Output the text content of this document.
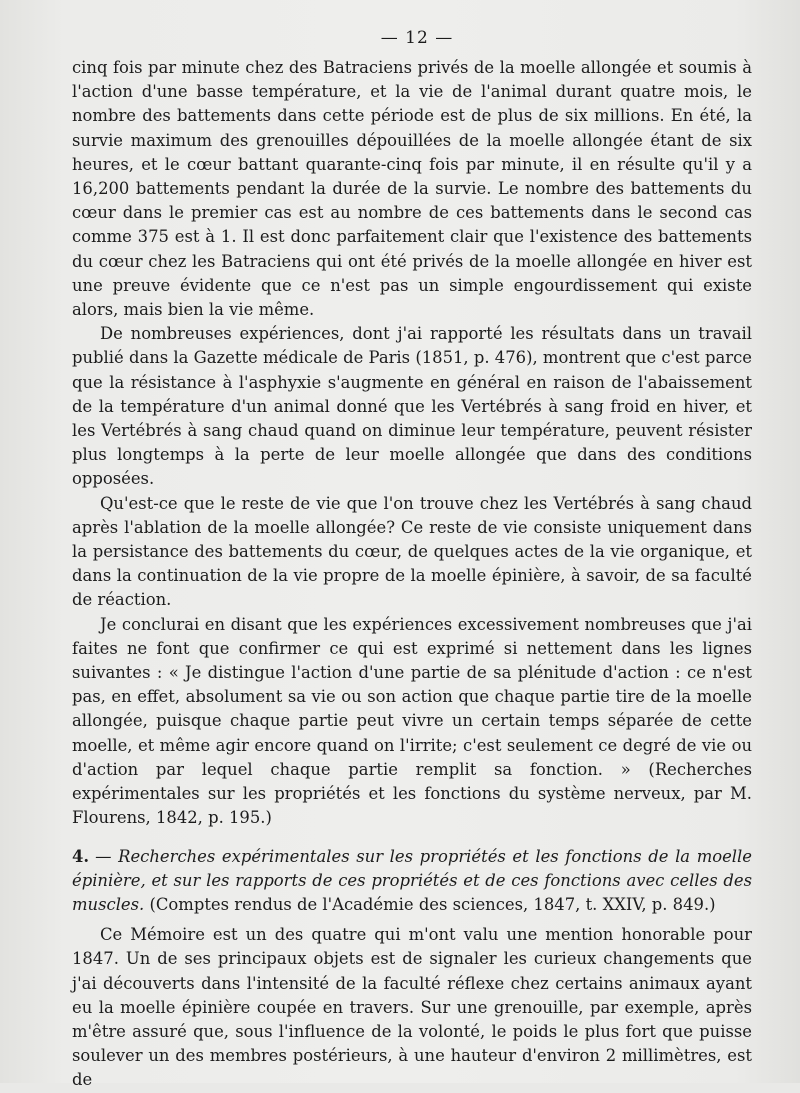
— 12 —

cinq fois par minute chez des Batraciens privés de la moelle allongée et soumis à l'action d'une basse température, et la vie de l'animal durant quatre mois, le nombre des battements dans cette période est de plus de six millions. En été, la survie maximum des grenouilles dépouillées de la moelle allongée étant de six heures, et le cœur battant quarante-cinq fois par minute, il en résulte qu'il y a 16,200 battements pendant la durée de la survie. Le nombre des battements du cœur dans le premier cas est au nombre de ces battements dans le second cas comme 375 est à 1. Il est donc parfaitement clair que l'existence des battements du cœur chez les Batraciens qui ont été privés de la moelle allongée en hiver est une preuve évidente que ce n'est pas un simple engourdissement qui existe alors, mais bien la vie même.

De nombreuses expériences, dont j'ai rapporté les résultats dans un travail publié dans la Gazette médicale de Paris (1851, p. 476), montrent que c'est parce que la résistance à l'asphyxie s'augmente en général en raison de l'abaissement de la température d'un animal donné que les Vertébrés à sang froid en hiver, et les Vertébrés à sang chaud quand on diminue leur température, peuvent résister plus longtemps à la perte de leur moelle allongée que dans des conditions opposées.

Qu'est-ce que le reste de vie que l'on trouve chez les Vertébrés à sang chaud après l'ablation de la moelle allongée? Ce reste de vie consiste uniquement dans la persistance des battements du cœur, de quelques actes de la vie organique, et dans la continuation de la vie propre de la moelle épinière, à savoir, de sa faculté de réaction.

Je conclurai en disant que les expériences excessivement nombreuses que j'ai faites ne font que confirmer ce qui est exprimé si nettement dans les lignes suivantes : « Je distingue l'action d'une partie de sa plénitude d'action : ce n'est pas, en effet, absolument sa vie ou son action que chaque partie tire de la moelle allongée, puisque chaque partie peut vivre un certain temps séparée de cette moelle, et même agir encore quand on l'irrite; c'est seulement ce degré de vie ou d'action par lequel chaque partie remplit sa fonction. » (Recherches expérimentales sur les propriétés et les fonctions du système nerveux, par M. Flourens, 1842, p. 195.)

4. — Recherches expérimentales sur les propriétés et les fonctions de la moelle épinière, et sur les rapports de ces propriétés et de ces fonctions avec celles des muscles. (Comptes rendus de l'Académie des sciences, 1847, t. XXIV, p. 849.)

Ce Mémoire est un des quatre qui m'ont valu une mention honorable pour 1847. Un de ses principaux objets est de signaler les curieux changements que j'ai découverts dans l'intensité de la faculté réflexe chez certains animaux ayant eu la moelle épinière coupée en travers. Sur une grenouille, par exemple, après m'être assuré que, sous l'influence de la volonté, le poids le plus fort que puisse soulever un des membres postérieurs, à une hauteur d'environ 2 millimètres, est de
